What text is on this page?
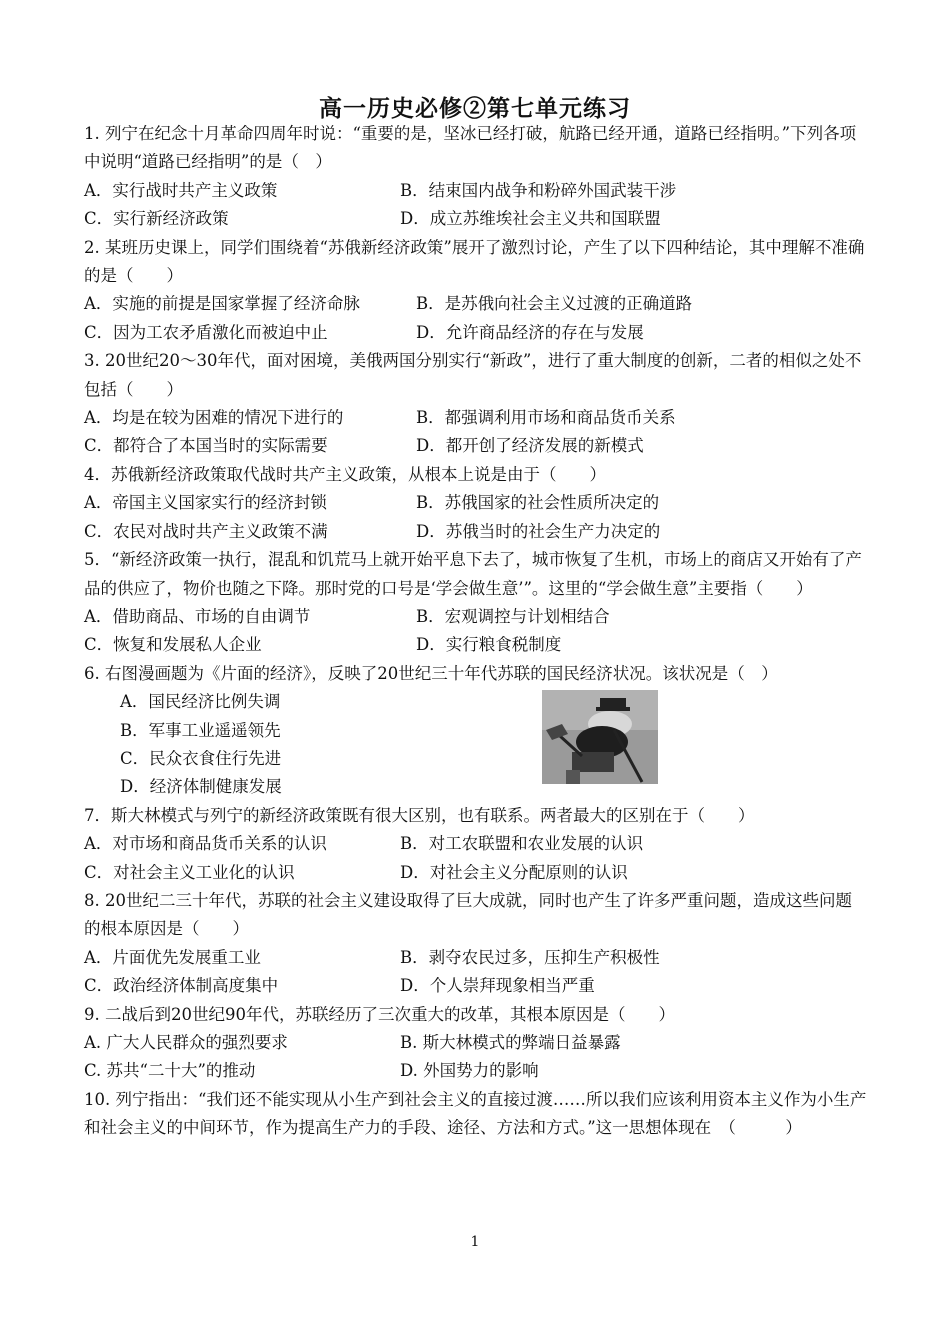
高一历史必修②第七单元练习

1. 列宁在纪念十月革命四周年时说：“重要的是，坚冰已经打破，航路已经开通，道路已经指明。”下列各项中说明“道路已经指明”的是（　）

A．实行战时共产主义政策	B．结束国内战争和粉碎外国武装干涉
C．实行新经济政策	D．成立苏维埃社会主义共和国联盟

2. 某班历史课上，同学们围绕着“苏俄新经济政策”展开了激烈讨论，产生了以下四种结论，其中理解不准确的是（　　）

A．实施的前提是国家掌握了经济命脉	B．是苏俄向社会主义过渡的正确道路
C．因为工农矛盾激化而被迫中止	D．允许商品经济的存在与发展

3. 20世纪20～30年代，面对困境，美俄两国分别实行“新政”，进行了重大制度的创新，二者的相似之处不包括（　　）

A．均是在较为困难的情况下进行的	B．都强调利用市场和商品货币关系
C．都符合了本国当时的实际需要	D．都开创了经济发展的新模式

4．苏俄新经济政策取代战时共产主义政策，从根本上说是由于（　　）

A．帝国主义国家实行的经济封锁	B．苏俄国家的社会性质所决定的
C．农民对战时共产主义政策不满	D．苏俄当时的社会生产力决定的

5．“新经济政策一执行，混乱和饥荒马上就开始平息下去了，城市恢复了生机，市场上的商店又开始有了产品的供应了，物价也随之下降。那时党的口号是‘学会做生意’”。这里的“学会做生意”主要指（　　）

A．借助商品、市场的自由调节	B．宏观调控与计划相结合
C．恢复和发展私人企业	D．实行粮食税制度

6. 右图漫画题为《片面的经济》，反映了20世纪三十年代苏联的国民经济状况。该状况是（　）

A．国民经济比例失调
B．军事工业遥遥领先
C．民众衣食住行先进
D．经济体制健康发展

7．斯大林模式与列宁的新经济政策既有很大区别，也有联系。两者最大的区别在于（　　）

A．对市场和商品货币关系的认识	B．对工农联盟和农业发展的认识
C．对社会主义工业化的认识	D．对社会主义分配原则的认识

8. 20世纪二三十年代，苏联的社会主义建设取得了巨大成就，同时也产生了许多严重问题，造成这些问题的根本原因是（　　）

A．片面优先发展重工业	B．剥夺农民过多，压抑生产积极性
C．政治经济体制高度集中	D．个人崇拜现象相当严重

9. 二战后到20世纪90年代，苏联经历了三次重大的改革，其根本原因是（　　）

A. 广大人民群众的强烈要求	B. 斯大林模式的弊端日益暴露
C. 苏共“二十大”的推动	D. 外国势力的影响

10. 列宁指出：“我们还不能实现从小生产到社会主义的直接过渡……所以我们应该利用资本主义作为小生产和社会主义的中间环节，作为提高生产力的手段、途径、方法和方式。”这一思想体现在　（　　　）

1
